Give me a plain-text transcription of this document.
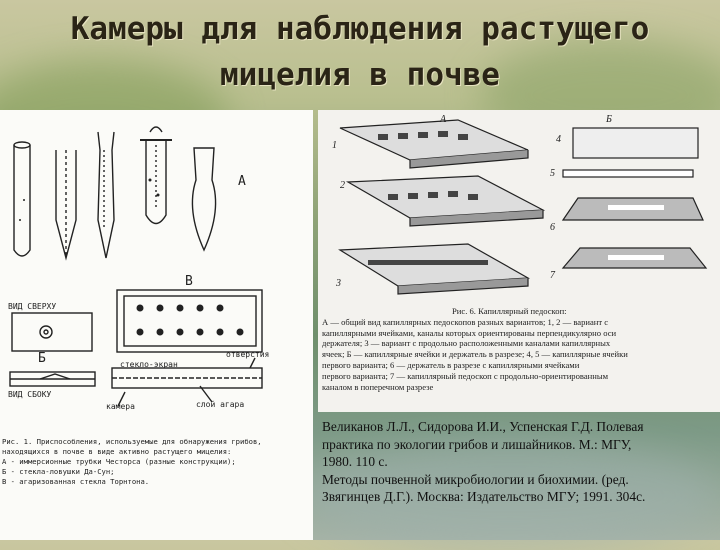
Камеры для наблюдения растущего
мицелия в почве
А
В
Б
ВИД СВЕРХУ
ВИД СБОКУ
стекло-экран
отверстия
камера	слой агара
Рис. 1. Приспособления, используемые для обнаружения грибов,
находящихся в почве в виде активно растущего мицелия:
А - иммерсионные трубки Честорса (разные конструкции);
Б - стекла-ловушки Да-Сун;
В - агаризованная стекла Торнтона.
А	Б
1
2
3
4
5
6
7
Рис. 6. Капиллярный педоскоп:
А — общий вид капиллярных педоскопов разных вариантов; 1, 2 — вариант с
капиллярными ячейками, каналы которых ориентированы перпендикулярно оси
держателя; 3 — вариант с продольно расположенными каналами капиллярных
ячеек; Б — капиллярные ячейки и держатель в разрезе; 4, 5 — капиллярные ячейки
первого варианта; 6 — держатель в разрезе с капиллярными ячейками
первого варианта; 7 — капиллярный педоскоп с продольно-ориентированным
каналом в поперечном разрезе
Великанов Л.Л., Сидорова И.И., Успенская Г.Д. Полевая
практика по экологии грибов и лишайников. М.: МГУ,
1980. 110 с.
Методы почвенной микробиологии и биохимии. (ред.
Звягинцев Д.Г.). Москва: Издательство МГУ; 1991. 304с.
